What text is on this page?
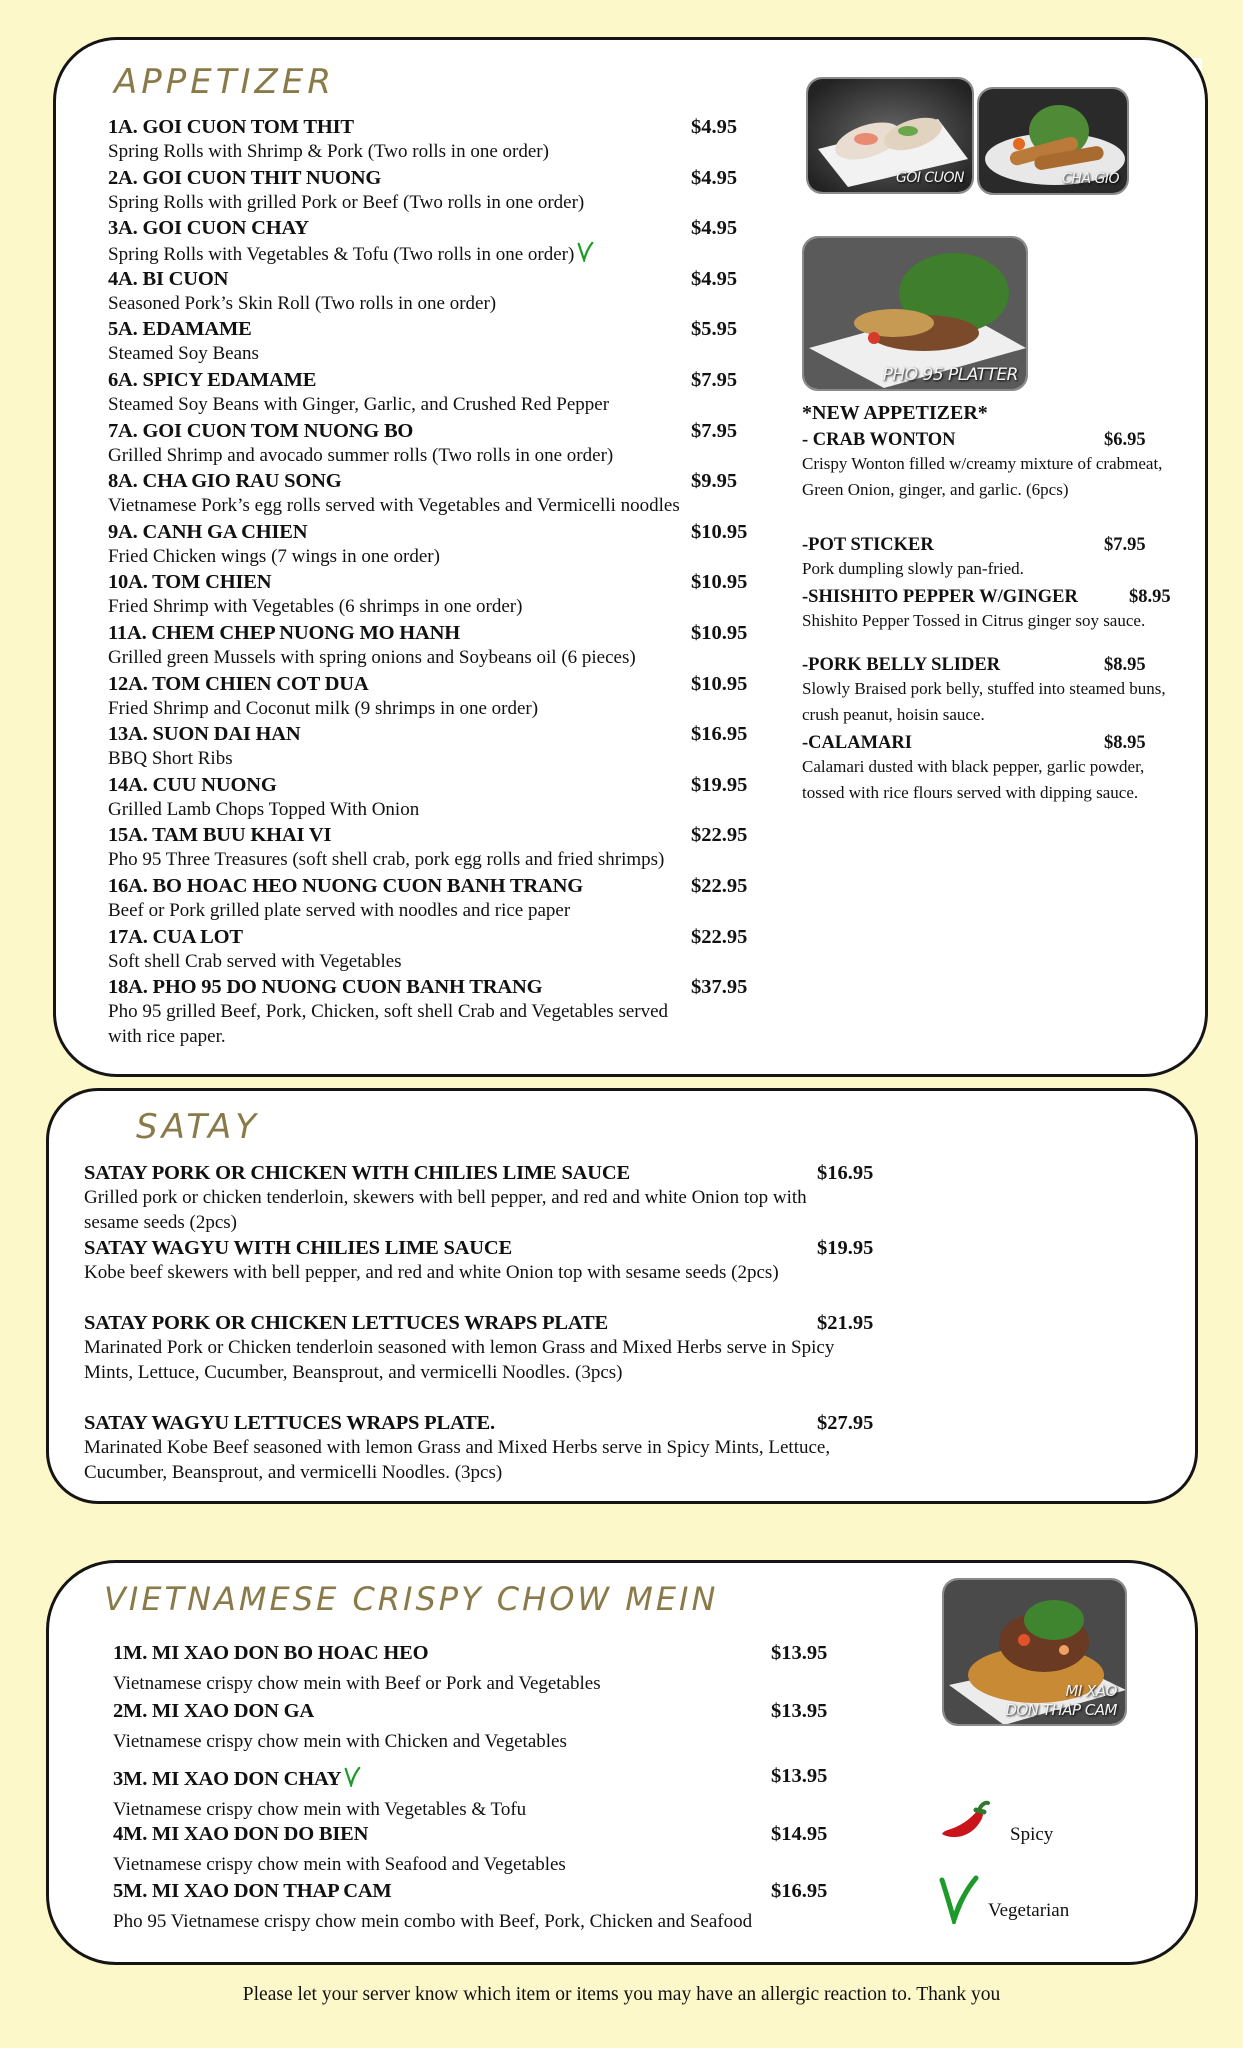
APPETIZER
1A. GOI CUON TOM THIT	$4.95
Spring Rolls with Shrimp & Pork (Two rolls in one order)
2A. GOI CUON THIT NUONG	$4.95
Spring Rolls with grilled Pork or Beef (Two rolls in one order)
3A. GOI CUON CHAY	$4.95
Spring Rolls with Vegetables & Tofu (Two rolls in one order)
4A. BI CUON	$4.95
Seasoned Pork’s Skin Roll (Two rolls in one order)
5A. EDAMAME	$5.95
Steamed Soy Beans
6A. SPICY EDAMAME	$7.95
Steamed Soy Beans with Ginger, Garlic, and Crushed Red Pepper
7A. GOI CUON TOM NUONG BO	$7.95
Grilled Shrimp and avocado summer rolls (Two rolls in one order)
8A. CHA GIO RAU SONG	$9.95
Vietnamese Pork’s egg rolls served with Vegetables and Vermicelli noodles
9A. CANH GA CHIEN	$10.95
Fried Chicken wings (7 wings in one order)
10A. TOM CHIEN	$10.95
Fried Shrimp with Vegetables (6 shrimps in one order)
11A. CHEM CHEP NUONG MO HANH	$10.95
Grilled green Mussels with spring onions and Soybeans oil (6 pieces)
12A. TOM CHIEN COT DUA	$10.95
Fried Shrimp and Coconut milk (9 shrimps in one order)
13A. SUON DAI HAN	$16.95
BBQ Short Ribs
14A. CUU NUONG	$19.95
Grilled Lamb Chops Topped With Onion
15A. TAM BUU KHAI VI	$22.95
Pho 95 Three Treasures (soft shell crab, pork egg rolls and fried shrimps)
16A. BO HOAC HEO NUONG CUON BANH TRANG	$22.95
Beef or Pork grilled plate served with noodles and rice paper
17A. CUA LOT	$22.95
Soft shell Crab served with Vegetables
18A. PHO 95 DO NUONG CUON BANH TRANG	$37.95
Pho 95 grilled Beef, Pork, Chicken, soft shell Crab and Vegetables served
with rice paper.
GOI CUON	CHA GIO
PHO 95 PLATTER
*NEW APPETIZER*
- CRAB WONTON	$6.95
Crispy Wonton filled w/creamy mixture of crabmeat, Green Onion, ginger, and garlic. (6pcs)
-POT STICKER	$7.95
Pork dumpling slowly pan-fried.
-SHISHITO PEPPER W/GINGER	$8.95
Shishito Pepper Tossed in Citrus ginger soy sauce.
-PORK BELLY SLIDER	$8.95
Slowly Braised pork belly, stuffed into steamed buns, crush peanut, hoisin sauce.
-CALAMARI	$8.95
Calamari dusted with black pepper, garlic powder, tossed with rice flours served with dipping sauce.
SATAY
SATAY PORK OR CHICKEN WITH CHILIES LIME SAUCE	$16.95
Grilled pork or chicken tenderloin, skewers with bell pepper, and red and white Onion top with
sesame seeds (2pcs)
SATAY WAGYU WITH CHILIES LIME SAUCE	$19.95
Kobe beef skewers with bell pepper, and red and white Onion top with sesame seeds (2pcs)
SATAY PORK OR CHICKEN LETTUCES WRAPS PLATE	$21.95
Marinated Pork or Chicken tenderloin seasoned with lemon Grass and Mixed Herbs serve in Spicy
Mints, Lettuce, Cucumber, Beansprout, and vermicelli Noodles. (3pcs)
SATAY WAGYU LETTUCES WRAPS PLATE.	$27.95
Marinated Kobe Beef seasoned with lemon Grass and Mixed Herbs serve in Spicy Mints, Lettuce,
Cucumber, Beansprout, and vermicelli Noodles. (3pcs)
VIETNAMESE CRISPY CHOW MEIN
1M. MI XAO DON BO HOAC HEO	$13.95
Vietnamese crispy chow mein with Beef or Pork and Vegetables
2M. MI XAO DON GA	$13.95
Vietnamese crispy chow mein with Chicken and Vegetables
3M. MI XAO DON CHAY	$13.95
Vietnamese crispy chow mein with Vegetables & Tofu
4M. MI XAO DON DO BIEN	$14.95
Vietnamese crispy chow mein with Seafood and Vegetables
5M. MI XAO DON THAP CAM	$16.95
Pho 95 Vietnamese crispy chow mein combo with Beef, Pork, Chicken and Seafood
MI XAO
DON THAP CAM
Spicy
Vegetarian
Please let your server know which item or items you may have an allergic reaction to. Thank you
